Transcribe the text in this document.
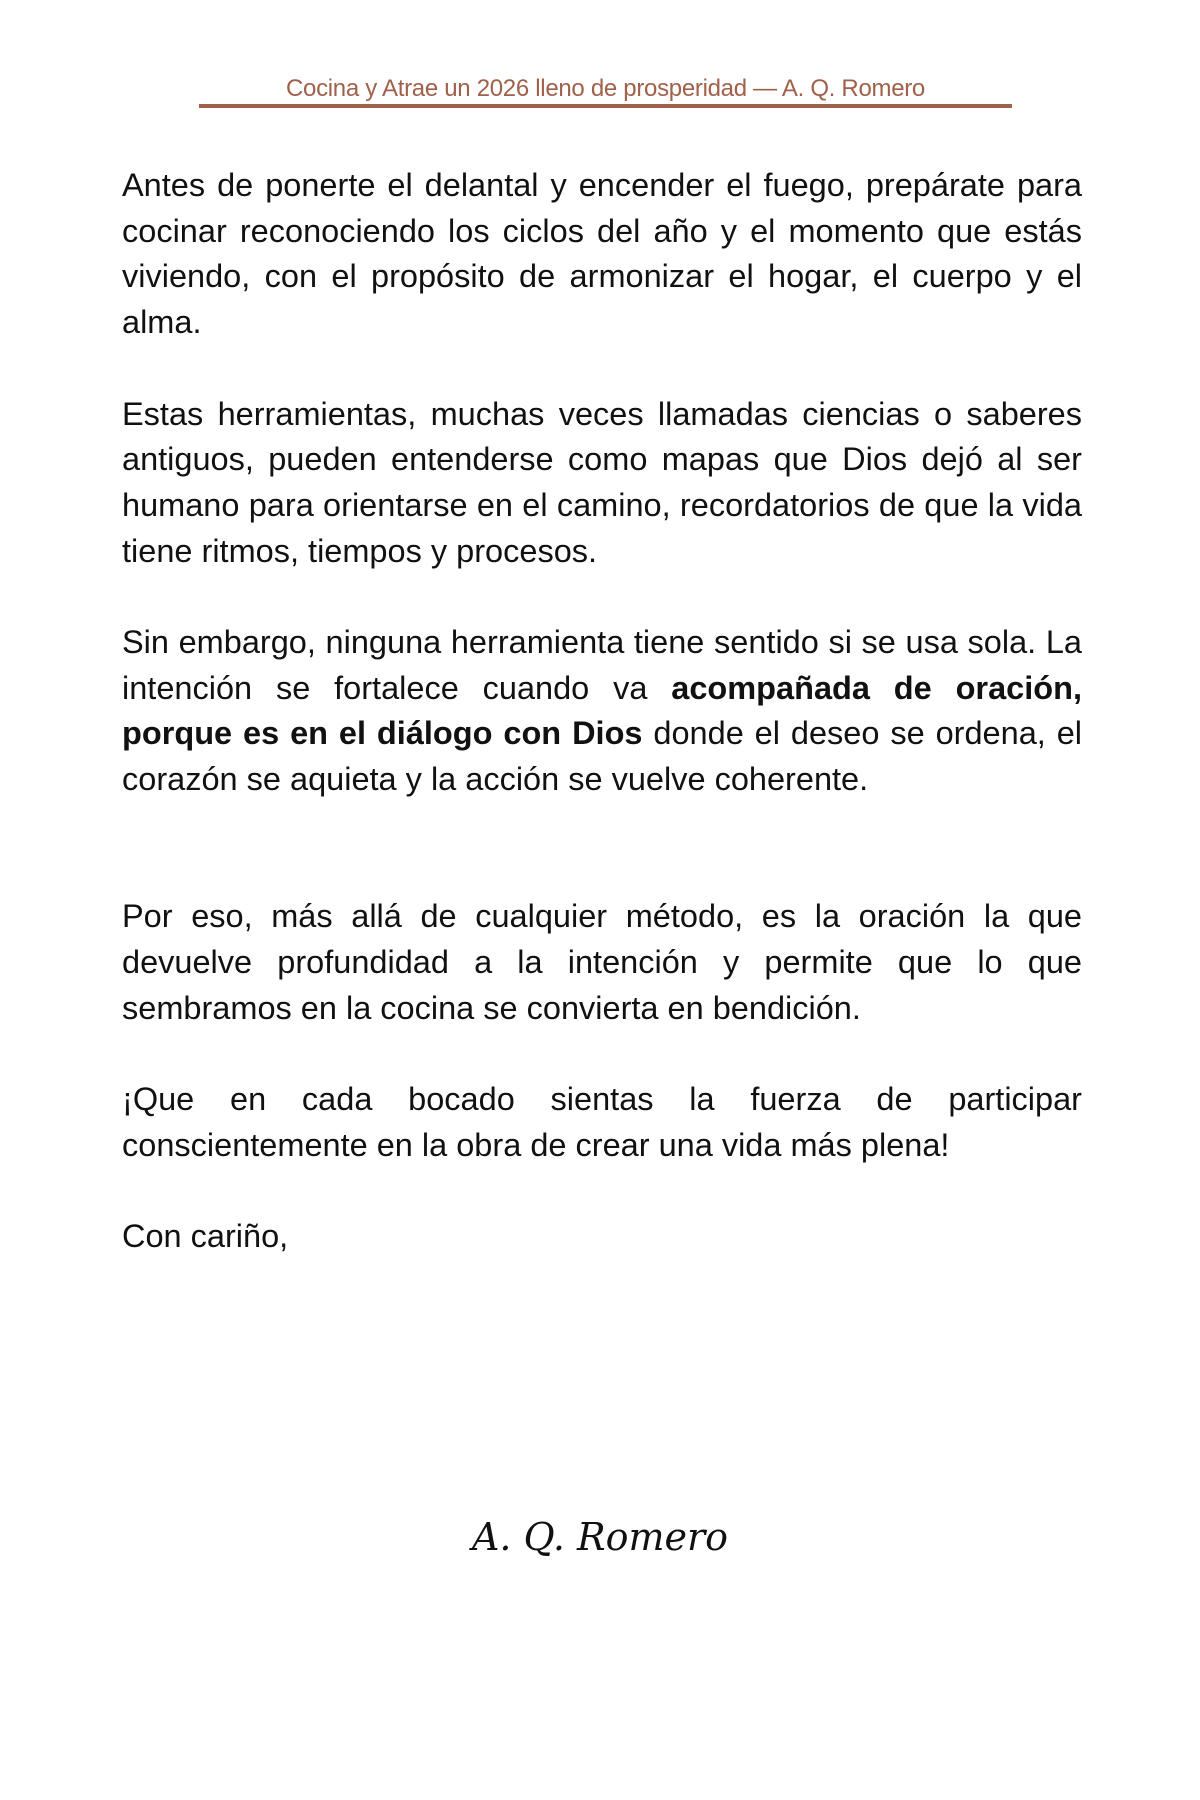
Cocina y Atrae un 2026 lleno de prosperidad — A. Q. Romero

Antes de ponerte el delantal y encender el fuego, prepárate para cocinar reconociendo los ciclos del año y el momento que estás viviendo, con el propósito de armonizar el hogar, el cuerpo y el alma.

Estas herramientas, muchas veces llamadas ciencias o saberes antiguos, pueden entenderse como mapas que Dios dejó al ser humano para orientarse en el camino, recordatorios de que la vida tiene ritmos, tiempos y procesos.

Sin embargo, ninguna herramienta tiene sentido si se usa sola. La intención se fortalece cuando va acompañada de oración, porque es en el diálogo con Dios donde el deseo se ordena, el corazón se aquieta y la acción se vuelve coherente.

Por eso, más allá de cualquier método, es la oración la que devuelve profundidad a la intención y permite que lo que sembramos en la cocina se convierta en bendición.

¡Que en cada bocado sientas la fuerza de participar conscientemente en la obra de crear una vida más plena!

Con cariño,

A. Q. Romero
